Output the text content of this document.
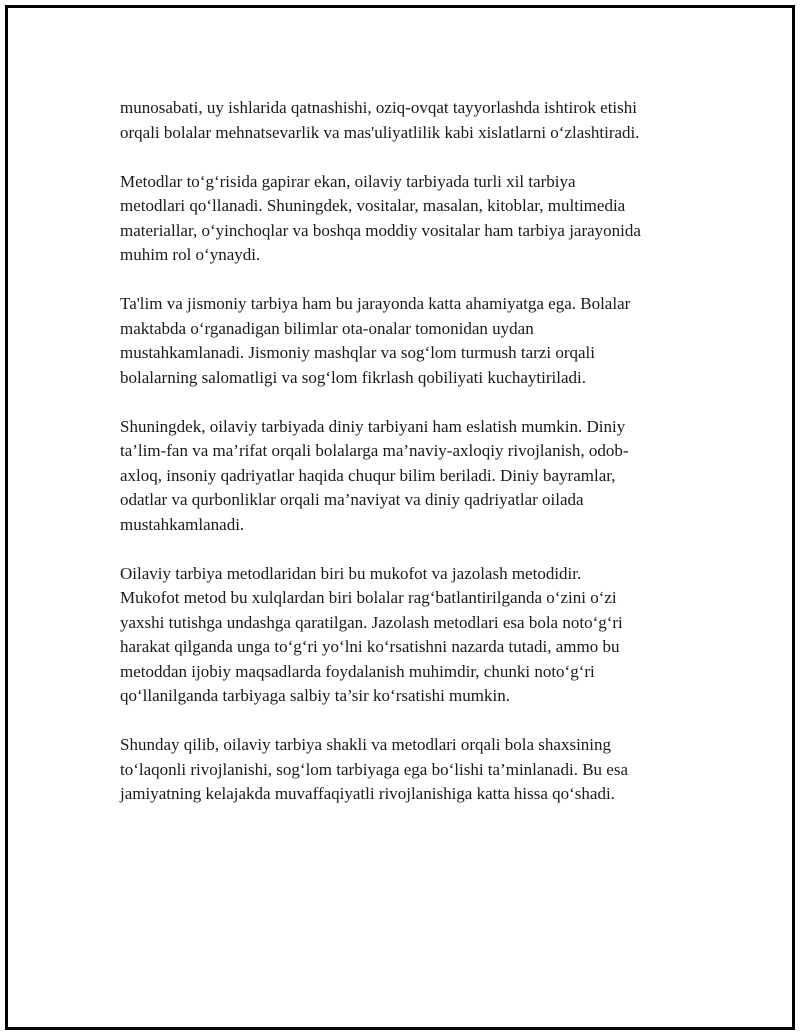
munosabati, uy ishlarida qatnashishi, oziq-ovqat tayyorlashda ishtirok etishi
orqali bolalar mehnatsevarlik va mas'uliyatlilik kabi xislatlarni o‘zlashtiradi.

Metodlar to‘g‘risida gapirar ekan, oilaviy tarbiyada turli xil tarbiya
metodlari qo‘llanadi. Shuningdek, vositalar, masalan, kitoblar, multimedia
materiallar, o‘yinchoqlar va boshqa moddiy vositalar ham tarbiya jarayonida
muhim rol o‘ynaydi.

Ta'lim va jismoniy tarbiya ham bu jarayonda katta ahamiyatga ega. Bolalar
maktabda o‘rganadigan bilimlar ota-onalar tomonidan uydan
mustahkamlanadi. Jismoniy mashqlar va sog‘lom turmush tarzi orqali
bolalarning salomatligi va sog‘lom fikrlash qobiliyati kuchaytiriladi.

Shuningdek, oilaviy tarbiyada diniy tarbiyani ham eslatish mumkin. Diniy
ta’lim-fan va ma’rifat orqali bolalarga ma’naviy-axloqiy rivojlanish, odob-
axloq, insoniy qadriyatlar haqida chuqur bilim beriladi. Diniy bayramlar,
odatlar va qurbonliklar orqali ma’naviyat va diniy qadriyatlar oilada
mustahkamlanadi.

Oilaviy tarbiya metodlaridan biri bu mukofot va jazolash metodidir.
Mukofot metod bu xulqlardan biri bolalar rag‘batlantirilganda o‘zini o‘zi
yaxshi tutishga undashga qaratilgan. Jazolash metodlari esa bola noto‘g‘ri
harakat qilganda unga to‘g‘ri yo‘lni ko‘rsatishni nazarda tutadi, ammo bu
metoddan ijobiy maqsadlarda foydalanish muhimdir, chunki noto‘g‘ri
qo‘llanilganda tarbiyaga salbiy ta’sir ko‘rsatishi mumkin.

Shunday qilib, oilaviy tarbiya shakli va metodlari orqali bola shaxsining
to‘laqonli rivojlanishi, sog‘lom tarbiyaga ega bo‘lishi ta’minlanadi. Bu esa
jamiyatning kelajakda muvaffaqiyatli rivojlanishiga katta hissa qo‘shadi.
